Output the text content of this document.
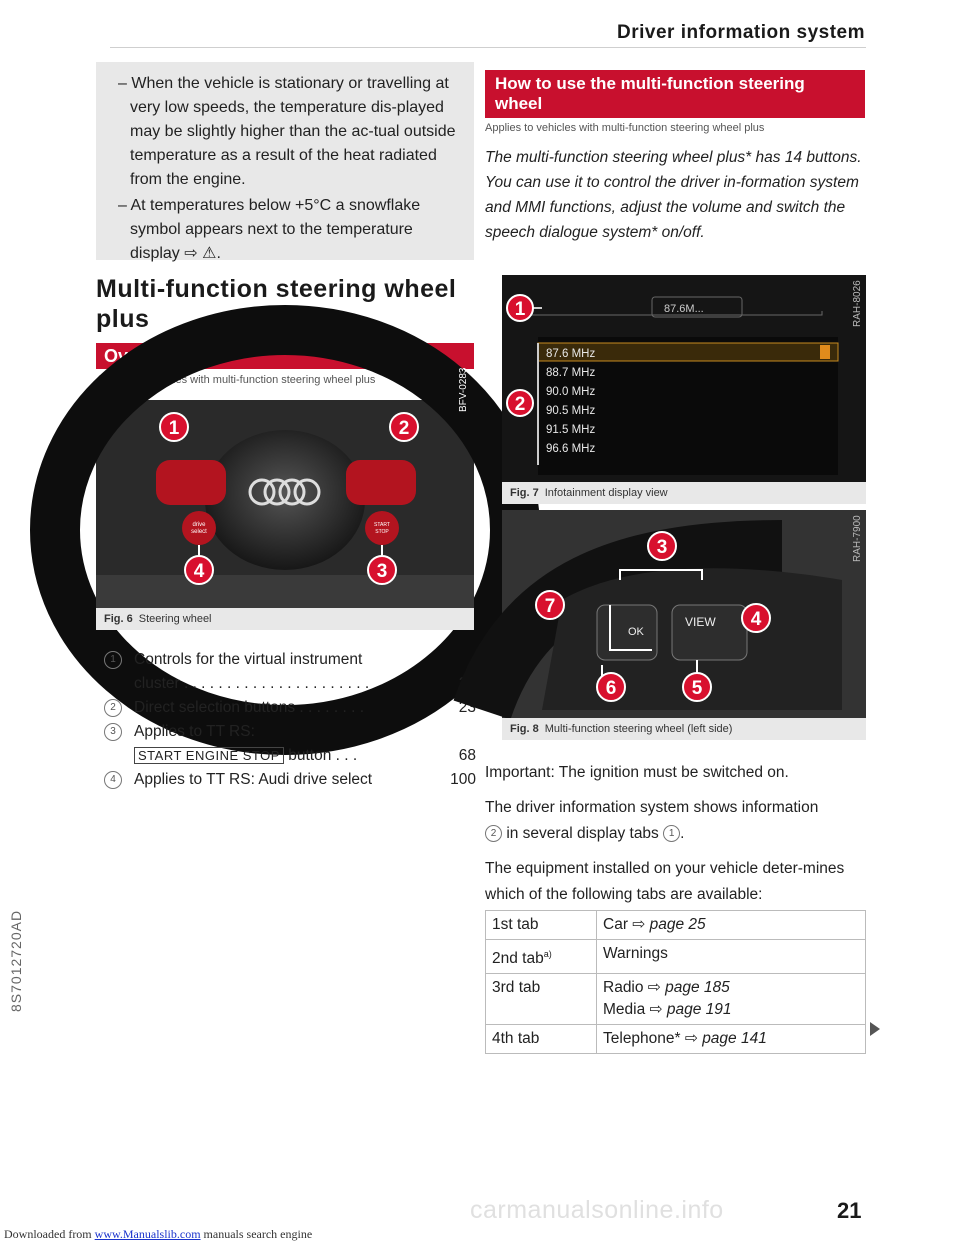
Driver information system

– When the vehicle is stationary or travelling at very low speeds, the temperature dis-played may be slightly higher than the ac-tual outside temperature as a result of the heat radiated from the engine.

– At temperatures below +5°C a snowflake symbol appears next to the temperature display ⇨ ⚠.

Multi-function steering wheel plus
Overview
Applies to vehicles with multi-function steering wheel plus
drive
select
START
STOP
1	2
3
4
BFV-0283
Fig. 6 Steering wheel
1 Controls for the virtual instrument
cluster . . . . . . . . . . . . . . . . . . . . . .	21
2 Direct selection buttons . . . . . . . .	23
3 Applies to TT RS:
START ENGINE STOP button . . .	68
4 Applies to TT RS: Audi drive select	100
How to use the multi-function steering wheel
Applies to vehicles with multi-function steering wheel plus
The multi-function steering wheel plus* has 14 buttons. You can use it to control the driver in-formation system and MMI functions, adjust the volume and switch the speech dialogue system* on/off.
87.6M...
87.6 MHz
88.7 MHz
90.0 MHz
90.5 MHz
91.5 MHz
96.6 MHz
1
2
RAH-8026
Fig. 7 Infotainment display view
VIEW
OK
3
4
5
6
7
RAH-7900
Fig. 8 Multi-function steering wheel (left side)
Important: The ignition must be switched on.
The driver information system shows information
2 in several display tabs 1 .
The equipment installed on your vehicle deter-mines which of the following tabs are available:
1st tab	Car ⇨ page 25
2nd tab$^{a)}$	Warnings
3rd tab	Radio ⇨ page 185
Media ⇨ page 191
4th tab	Telephone* ⇨ page 141
8S7012720AD
carmanualsonline.info	21
Downloaded from www.Manualslib.com manuals search engine
